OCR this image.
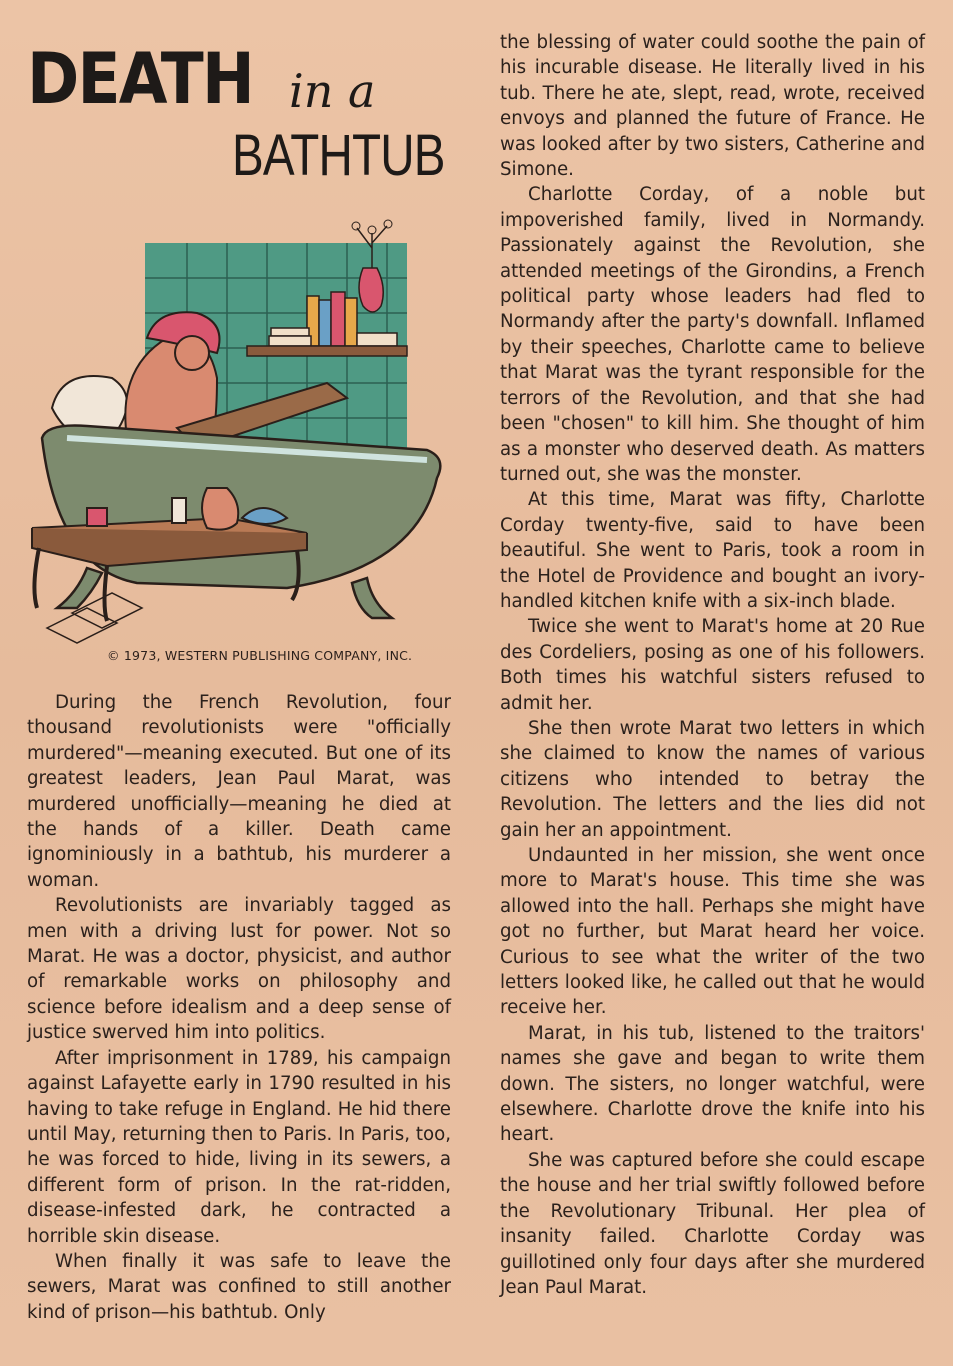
DEATH in a
BATHTUB
© 1973, WESTERN PUBLISHING COMPANY, INC.

During the French Revolution, four thousand revolutionists were "officially murdered"—meaning executed. But one of its greatest leaders, Jean Paul Marat, was murdered unofficially—meaning he died at the hands of a killer. Death came ignominiously in a bathtub, his murderer a woman.

Revolutionists are invariably tagged as men with a driving lust for power. Not so Marat. He was a doctor, physicist, and author of remarkable works on philosophy and science before idealism and a deep sense of justice swerved him into politics.

After imprisonment in 1789, his campaign against Lafayette early in 1790 resulted in his having to take refuge in England. He hid there until May, returning then to Paris. In Paris, too, he was forced to hide, living in its sewers, a different form of prison. In the rat-ridden, disease-infested dark, he contracted a horrible skin disease.

When finally it was safe to leave the sewers, Marat was confined to still another kind of prison—his bathtub. Only

the blessing of water could soothe the pain of his incurable disease. He literally lived in his tub. There he ate, slept, read, wrote, received envoys and planned the future of France. He was looked after by two sisters, Catherine and Simone.

Charlotte Corday, of a noble but impoverished family, lived in Normandy. Passionately against the Revolution, she attended meetings of the Girondins, a French political party whose leaders had fled to Normandy after the party's downfall. Inflamed by their speeches, Charlotte came to believe that Marat was the tyrant responsible for the terrors of the Revolution, and that she had been "chosen" to kill him. She thought of him as a monster who deserved death. As matters turned out, she was the monster.

At this time, Marat was fifty, Charlotte Corday twenty-five, said to have been beautiful. She went to Paris, took a room in the Hotel de Providence and bought an ivory-handled kitchen knife with a six-inch blade.

Twice she went to Marat's home at 20 Rue des Cordeliers, posing as one of his followers. Both times his watchful sisters refused to admit her.

She then wrote Marat two letters in which she claimed to know the names of various citizens who intended to betray the Revolution. The letters and the lies did not gain her an appointment.

Undaunted in her mission, she went once more to Marat's house. This time she was allowed into the hall. Perhaps she might have got no further, but Marat heard her voice. Curious to see what the writer of the two letters looked like, he called out that he would receive her.

Marat, in his tub, listened to the traitors' names she gave and began to write them down. The sisters, no longer watchful, were elsewhere. Charlotte drove the knife into his heart.

She was captured before she could escape the house and her trial swiftly followed before the Revolutionary Tribunal. Her plea of insanity failed. Charlotte Corday was guillotined only four days after she murdered Jean Paul Marat.
